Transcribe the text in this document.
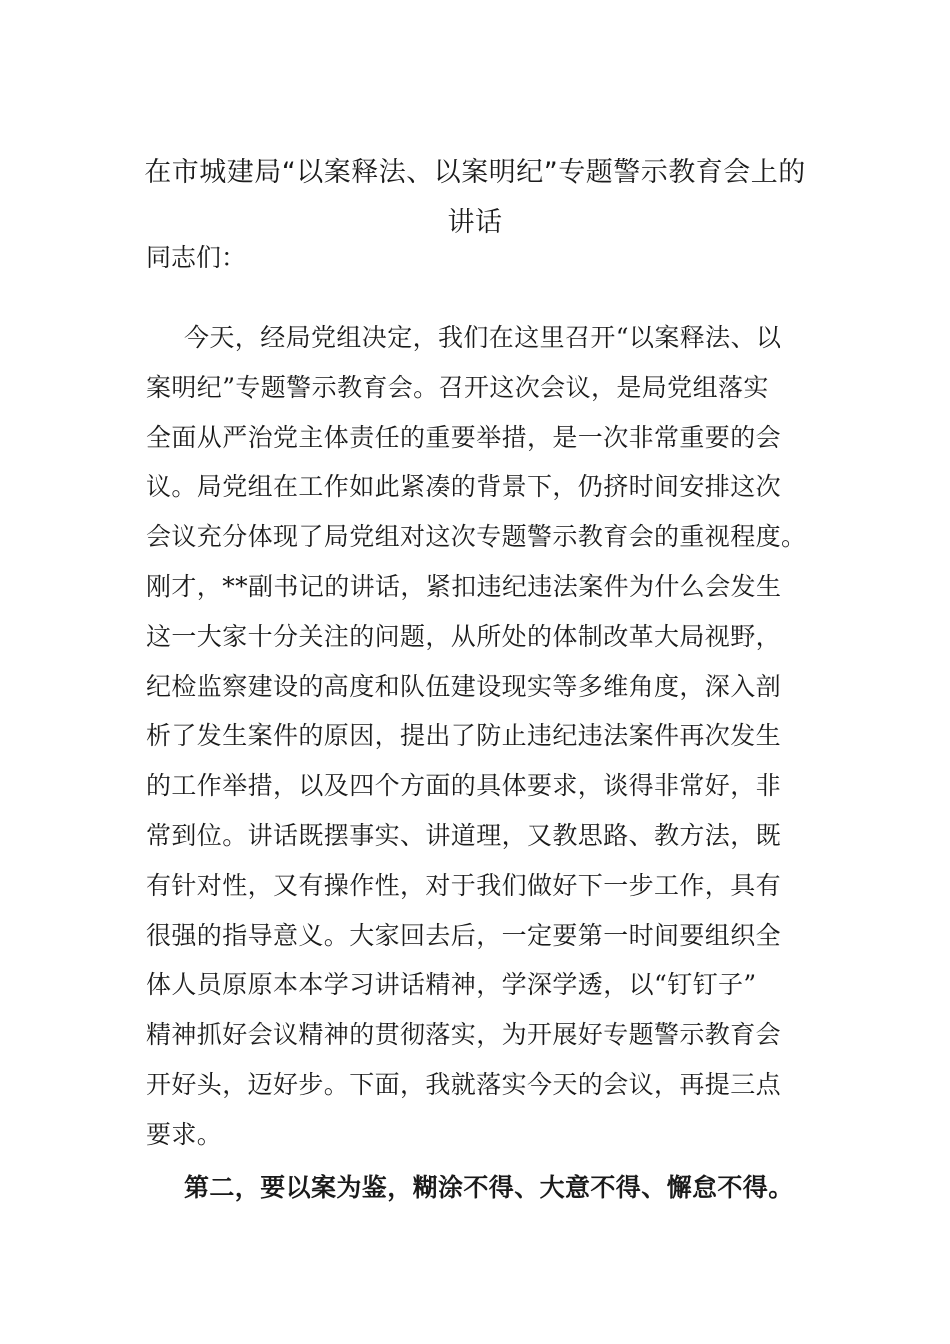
在市城建局“以案释法、以案明纪”专题警示教育会上的
讲话
同志们：
今天，经局党组决定，我们在这里召开“以案释法、以
案明纪”专题警示教育会。召开这次会议，是局党组落实
全面从严治党主体责任的重要举措，是一次非常重要的会
议。局党组在工作如此紧凑的背景下，仍挤时间安排这次
会议充分体现了局党组对这次专题警示教育会的重视程度。
刚才，**副书记的讲话，紧扣违纪违法案件为什么会发生
这一大家十分关注的问题，从所处的体制改革大局视野，
纪检监察建设的高度和队伍建设现实等多维角度，深入剖
析了发生案件的原因，提出了防止违纪违法案件再次发生
的工作举措，以及四个方面的具体要求，谈得非常好，非
常到位。讲话既摆事实、讲道理，又教思路、教方法，既
有针对性，又有操作性，对于我们做好下一步工作，具有
很强的指导意义。大家回去后，一定要第一时间要组织全
体人员原原本本学习讲话精神，学深学透，以“钉钉子”
精神抓好会议精神的贯彻落实，为开展好专题警示教育会
开好头，迈好步。下面，我就落实今天的会议，再提三点
要求。
第二，要以案为鉴，糊涂不得、大意不得、懈怠不得。
